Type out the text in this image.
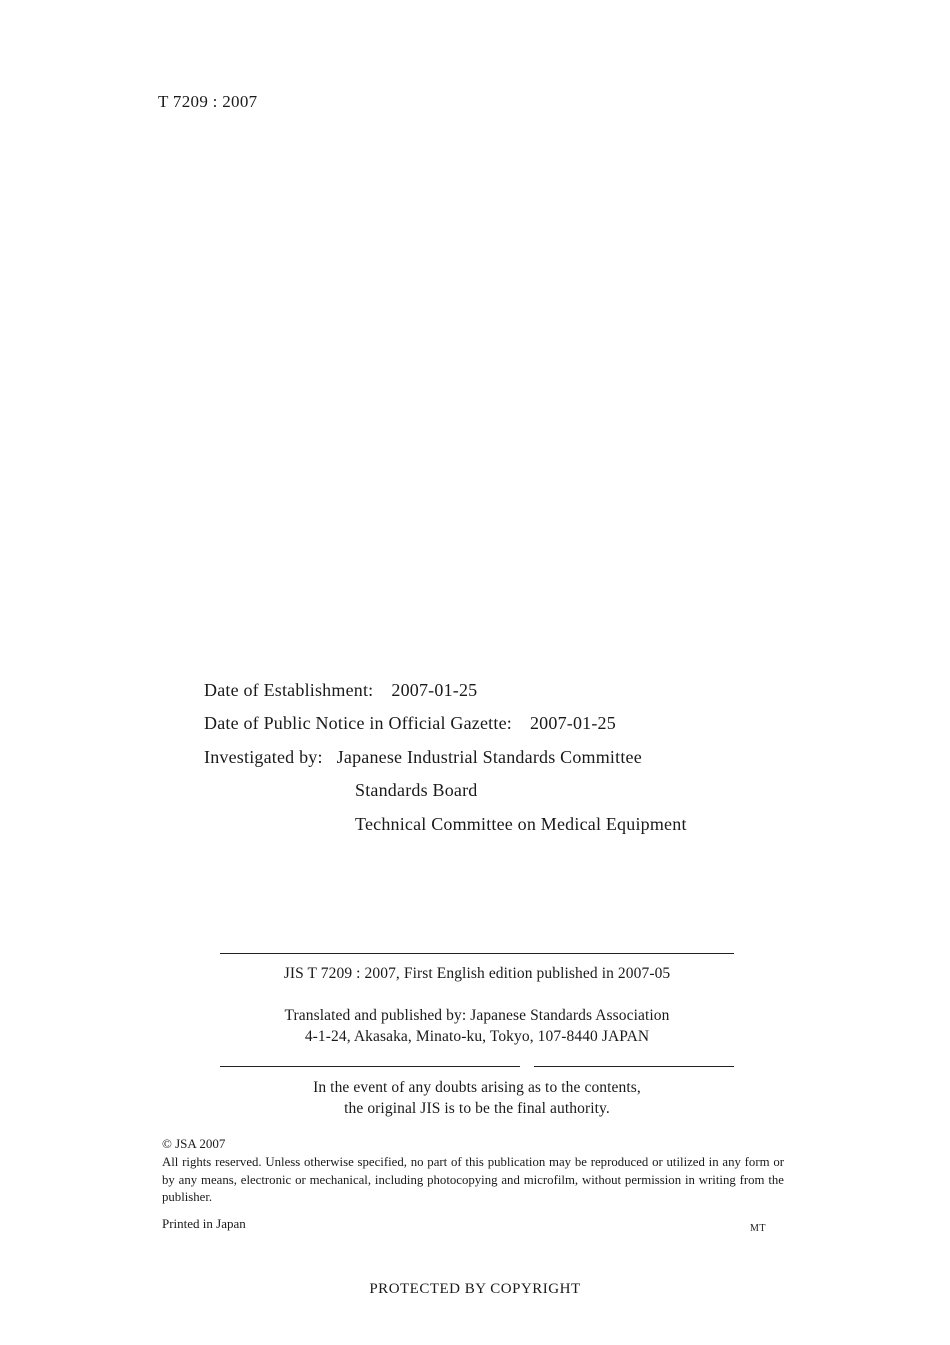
T 7209 : 2007
Date of Establishment: 2007-01-25
Date of Public Notice in Official Gazette: 2007-01-25
Investigated by: Japanese Industrial Standards Committee
Standards Board
Technical Committee on Medical Equipment
JIS T 7209 : 2007, First English edition published in 2007-05
Translated and published by: Japanese Standards Association
4-1-24, Akasaka, Minato-ku, Tokyo, 107-8440 JAPAN
In the event of any doubts arising as to the contents,
the original JIS is to be the final authority.
© JSA 2007
All rights reserved. Unless otherwise specified, no part of this publication may be reproduced or utilized in any form or by any means, electronic or mechanical, including photocopying and microfilm, without permission in writing from the publisher.
Printed in Japan	MT
PROTECTED BY COPYRIGHT
